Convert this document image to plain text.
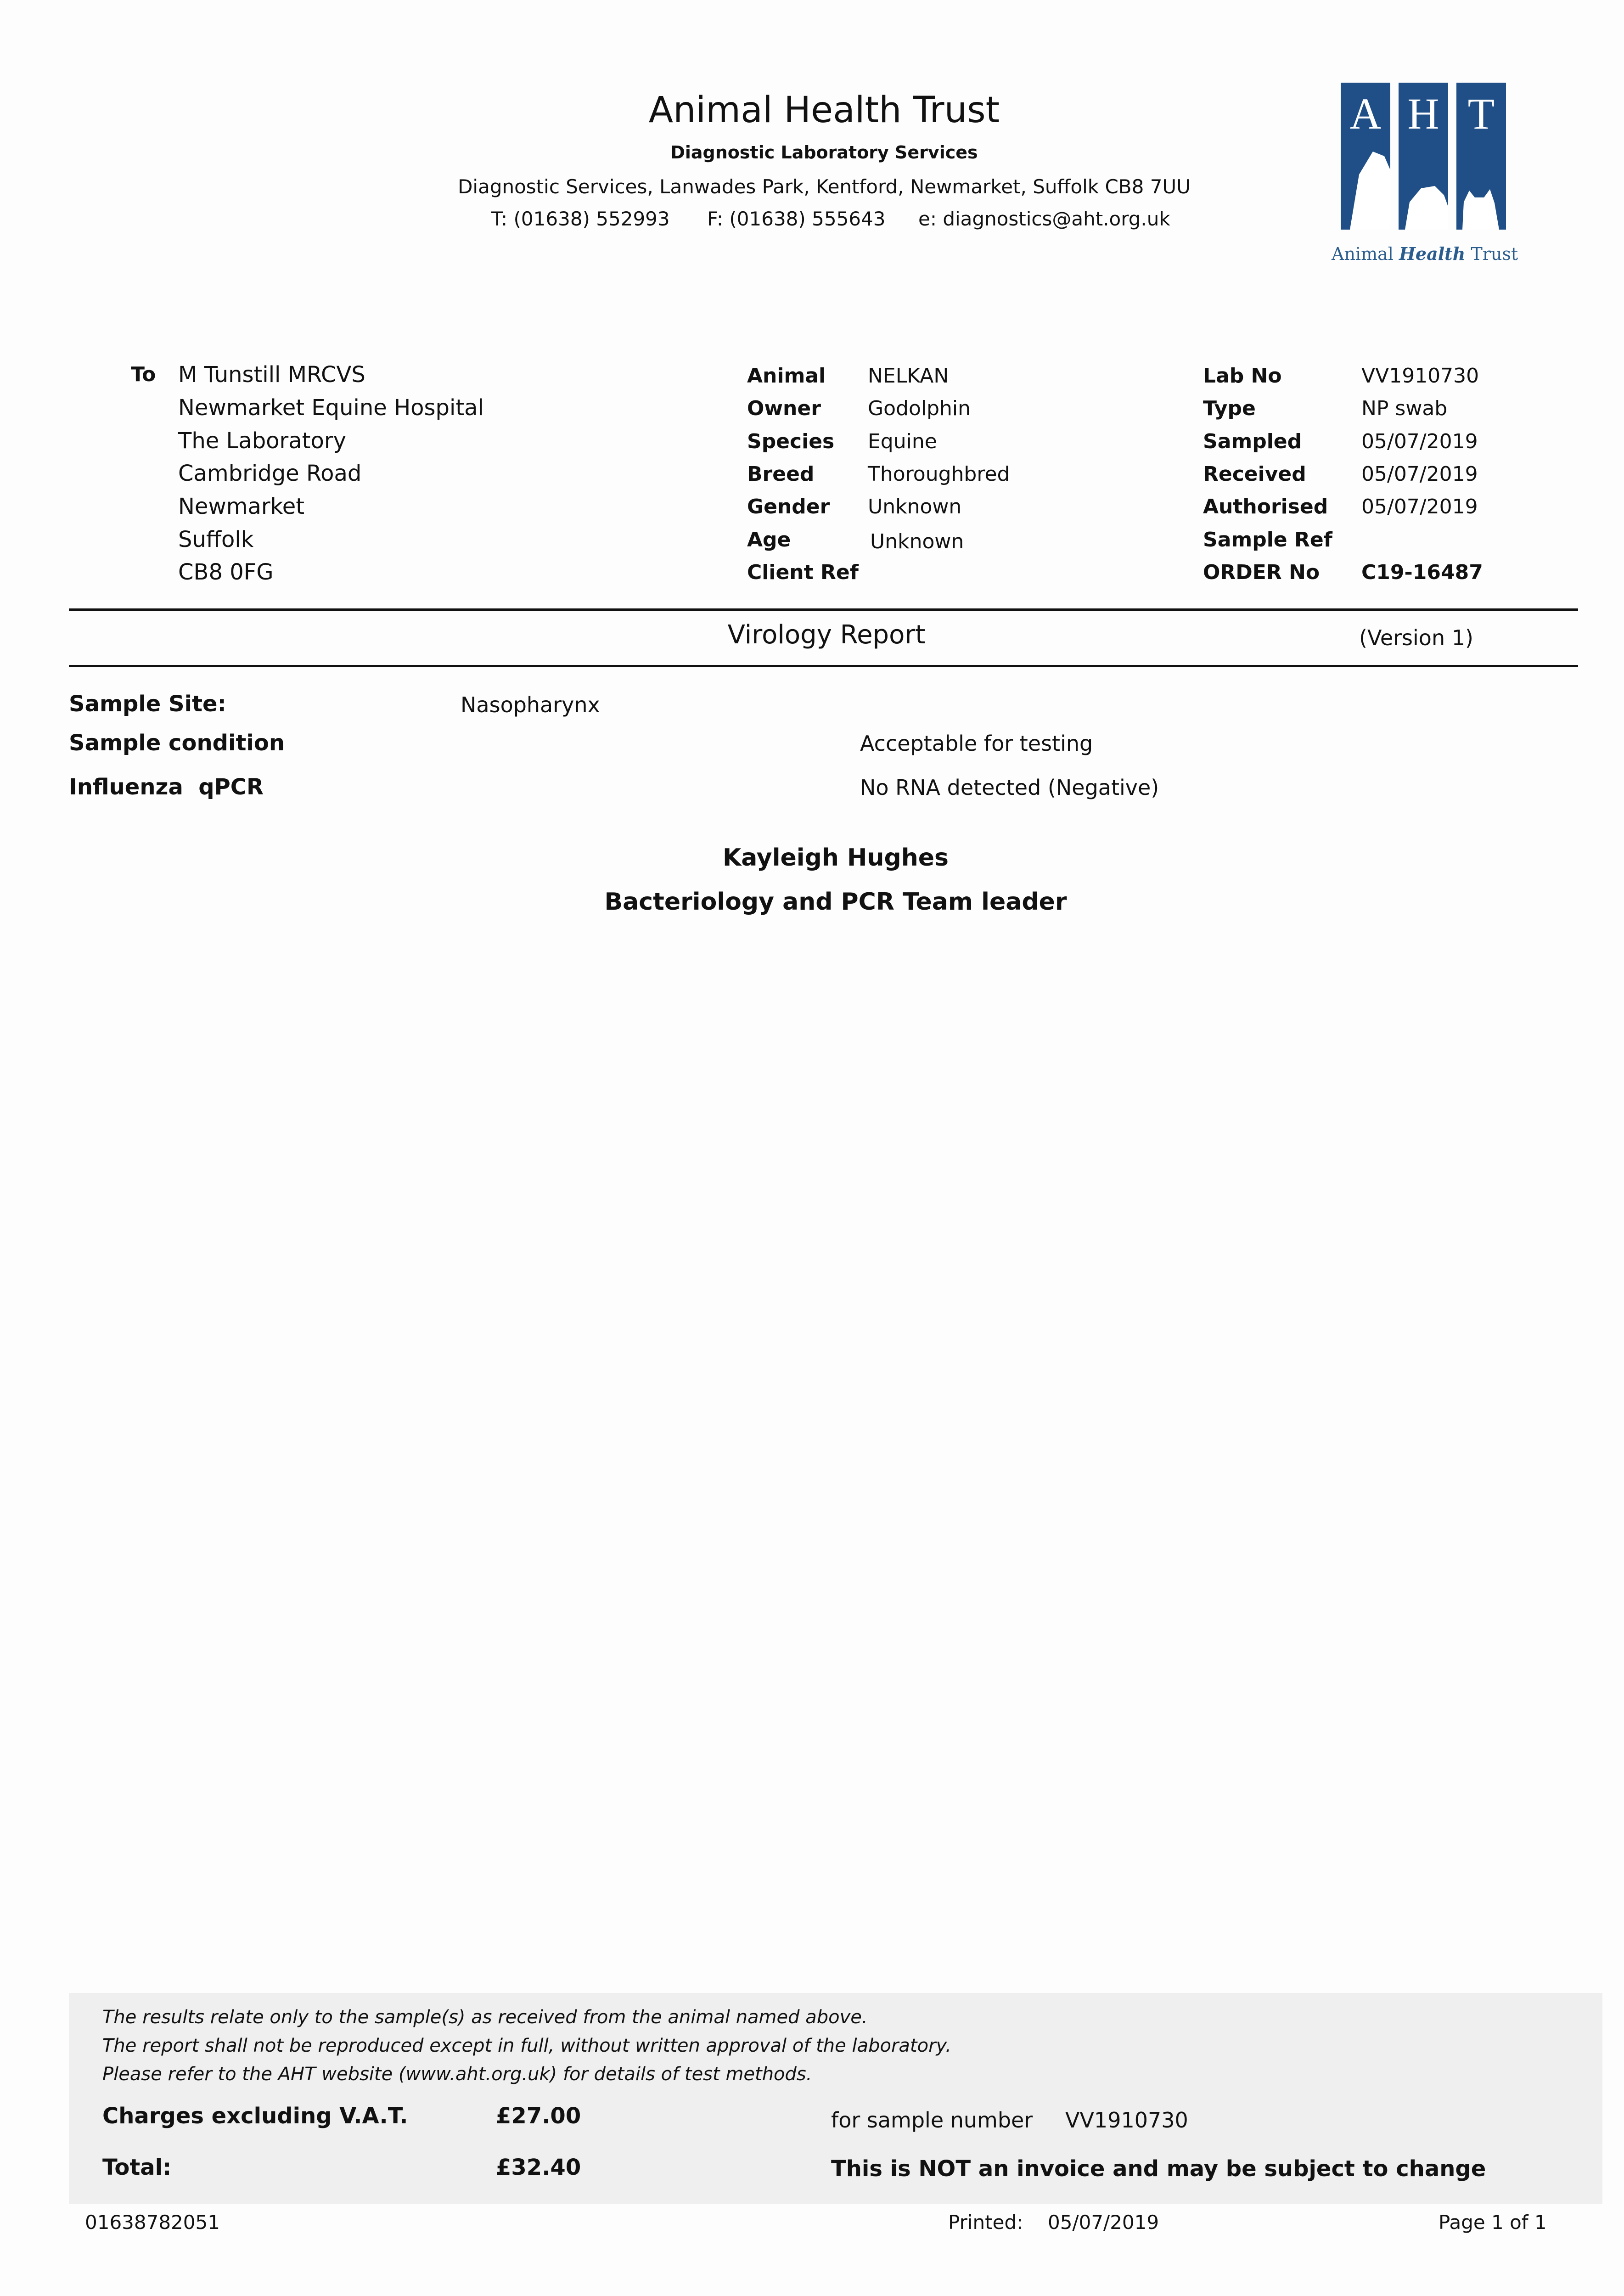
Animal Health Trust
Diagnostic Laboratory Services
Diagnostic Services, Lanwades Park, Kentford, Newmarket, Suffolk CB8 7UU
T: (01638) 552993 F: (01638) 555643 e: diagnostics@aht.org.uk
A H T
Animal Health Trust
To M Tunstill MRCVS
Newmarket Equine Hospital
The Laboratory
Cambridge Road
Newmarket
Suffolk
CB8 0FG
Animal NELKAN
Owner Godolphin
Species Equine
Breed	Thoroughbred
Gender Unknown
Age	Unknown
Client Ref
Lab No	VV1910730
Type	NP swab
Sampled	05/07/2019
Received	05/07/2019
Authorised 05/07/2019
Sample Ref
ORDER No C19-16487
Virology Report	(Version 1)
Sample Site:	Nasopharynx
Sample condition	Acceptable for testing
Influenza  qPCR	No RNA detected (Negative)
Kayleigh Hughes
Bacteriology and PCR Team leader
The results relate only to the sample(s) as received from the animal named above.
The report shall not be reproduced except in full, without written approval of the laboratory.
Please refer to the AHT website (www.aht.org.uk) for details of test methods.
Charges excluding V.A.T.	£27.00	for sample number VV1910730
Total:	£32.40	This is NOT an invoice and may be subject to change
01638782051	Printed: 05/07/2019	Page 1 of 1
